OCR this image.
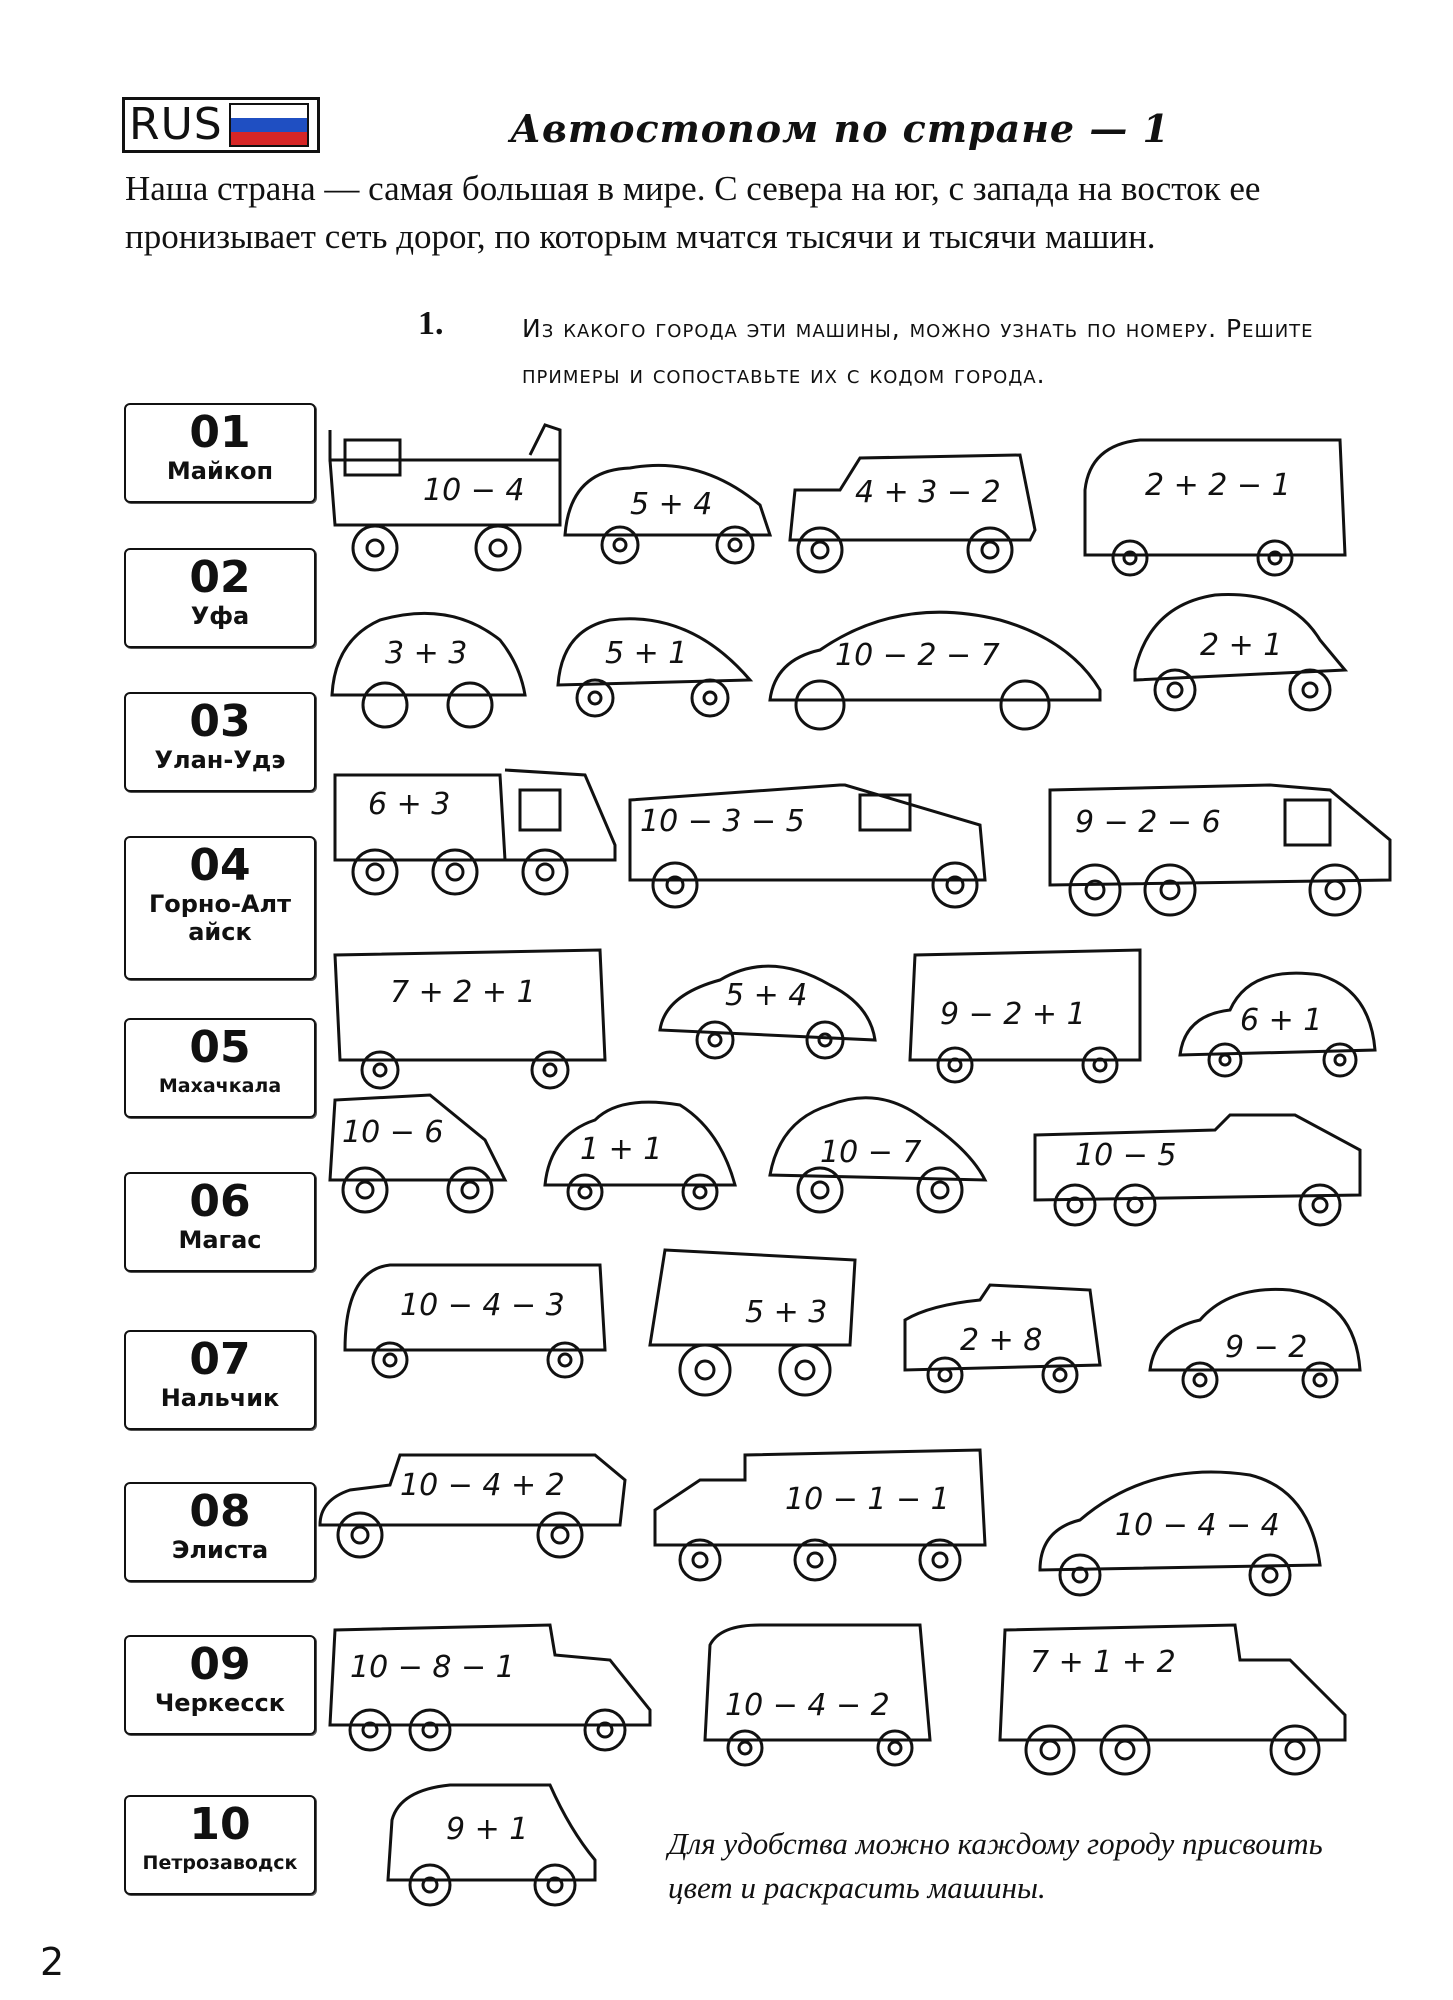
RUS	Автостопом по стране — 1
Наша страна — самая большая в мире. С севера на юг, с запада на восток ее пронизывает сеть дорог, по которым мчатся тысячи и тысячи машин.
1.	Из какого города эти машины, можно узнать по номеру. Решите примеры и сопоставьте их с кодом города.
01
Майкоп
02
Уфа
03
Улан-Удэ
04
Горно-Алтайск
05
Махачкала
06
Магас
07
Нальчик
08
Элиста
09
Черкесск
10
Петрозаводск
10 − 4	5 + 4	4 + 3 − 2	2 + 2 − 1
3 + 3	5 + 1	10 − 2 − 7	2 + 1
6 + 3	10 − 3 − 5	9 − 2 − 6
7 + 2 + 1	5 + 4
9 − 2 + 1	6 + 1
10 − 6	1 + 1	10 − 7	10 − 5
10 − 4 − 3	5 + 3
2 + 8	9 − 2
10 − 4 + 2	10 − 1 − 1
10 − 4 − 4
10 − 8 − 1
10 − 4 − 2
7 + 1 + 2
9 + 1	Для удобства можно каждому городу присвоить цвет и раскрасить машины.
2
